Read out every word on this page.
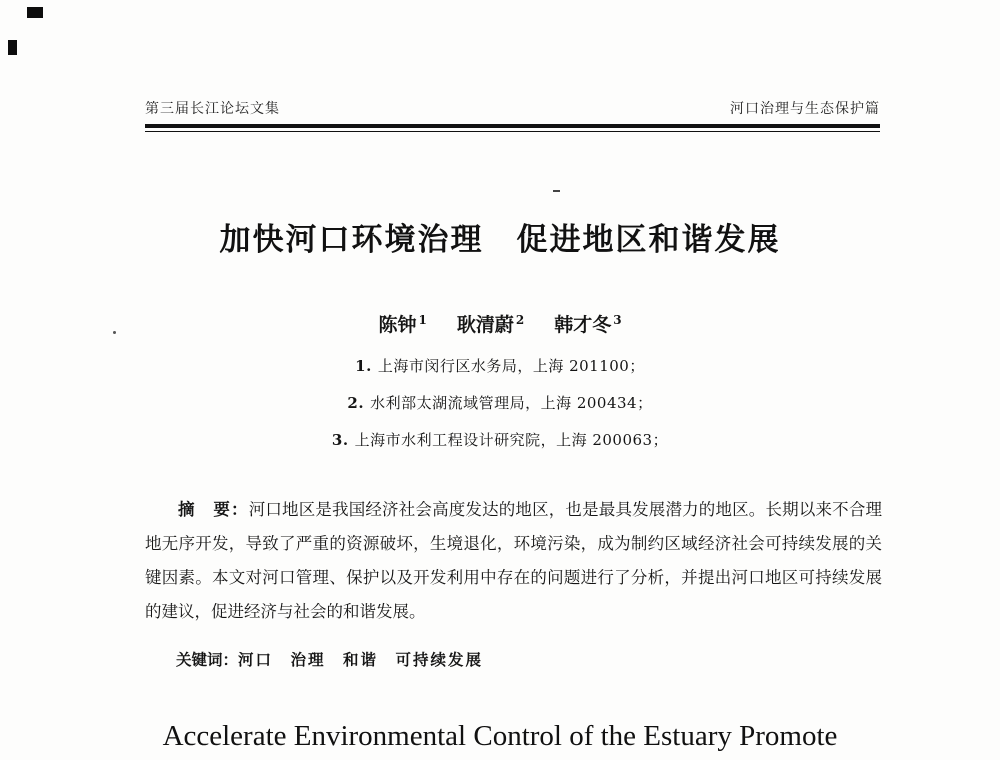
第三届长江论坛文集	河口治理与生态保护篇
加快河口环境治理　促进地区和谐发展
陈钟 $^1$ 耿清蔚 $^2$ 韩才冬 $^3$
1. 上海市闵行区水务局，上海 201100；
2. 水利部太湖流域管理局，上海 200434；
3. 上海市水利工程设计研究院，上海 200063；

摘　要：河口地区是我国经济社会高度发达的地区，也是最具发展潜力的地区。长期以来不合理地无序开发，导致了严重的资源破坏，生境退化，环境污染，成为制约区域经济社会可持续发展的关键因素。本文对河口管理、保护以及开发利用中存在的问题进行了分析，并提出河口地区可持续发展的建议，促进经济与社会的和谐发展。

关键词：河口　治理　和谐　可持续发展

Accelerate Environmental Control of the Estuary Promote
